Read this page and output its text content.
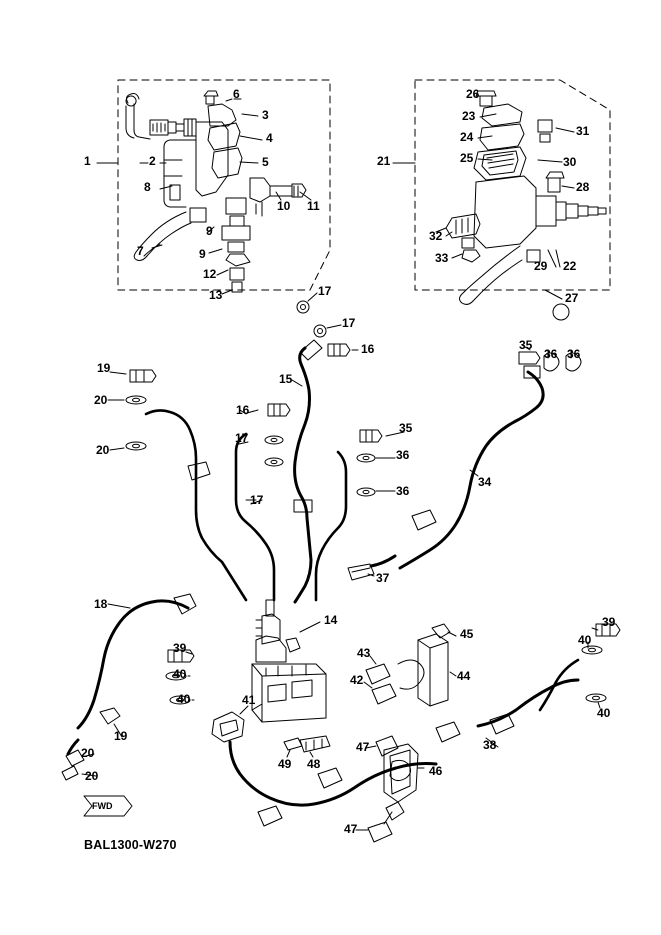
1	2
3
4
5
6
7
8
9
9
10 11
12
13
14
15
16
16
17
17
17
17
18
19
19
20
20
20
20
21
22
23
24
25
26
27
28
29
30
31
32
33
34
35
35
36 36
36
36
37
38
39
39
40
40
40
40
41
42
43
44
45
46
47
47
48
49
FWD
BAL1300-W270
